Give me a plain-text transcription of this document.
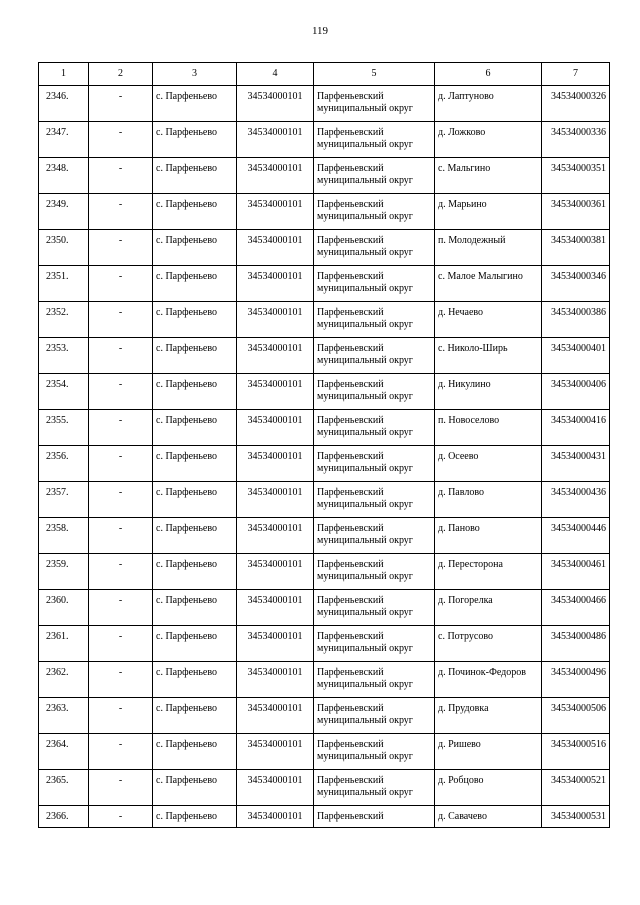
119
1	2	3	4	5	6	7

2346.	-	с. Парфеньево	34534000101	Парфеньевский муниципальный округ	д. Лаптуново	34534000326

2347.	-	с. Парфеньево	34534000101	Парфеньевский муниципальный округ	д. Ложково	34534000336

2348.	-	с. Парфеньево	34534000101	Парфеньевский муниципальный округ	с. Мальгино	34534000351

2349.	-	с. Парфеньево	34534000101	Парфеньевский муниципальный округ	д. Марьино	34534000361

2350.	-	с. Парфеньево	34534000101	Парфеньевский муниципальный округ	п. Молодежный	34534000381

2351.	-	с. Парфеньево	34534000101	Парфеньевский муниципальный округ	с. Малое Малыгино	34534000346

2352.	-	с. Парфеньево	34534000101	Парфеньевский муниципальный округ	д. Нечаево	34534000386

2353.	-	с. Парфеньево	34534000101	Парфеньевский муниципальный округ	с. Николо-Ширь	34534000401

2354.	-	с. Парфеньево	34534000101	Парфеньевский муниципальный округ	д. Никулино	34534000406

2355.	-	с. Парфеньево	34534000101	Парфеньевский муниципальный округ	п. Новоселово	34534000416

2356.	-	с. Парфеньево	34534000101	Парфеньевский муниципальный округ	д. Осеево	34534000431

2357.	-	с. Парфеньево	34534000101	Парфеньевский муниципальный округ	д. Павлово	34534000436

2358.	-	с. Парфеньево	34534000101	Парфеньевский муниципальный округ	д. Паново	34534000446

2359.	-	с. Парфеньево	34534000101	Парфеньевский муниципальный округ	д. Пересторона	34534000461

2360.	-	с. Парфеньево	34534000101	Парфеньевский муниципальный округ	д. Погорелка	34534000466

2361.	-	с. Парфеньево	34534000101	Парфеньевский муниципальный округ	с. Потрусово	34534000486

2362.	-	с. Парфеньево	34534000101	Парфеньевский муниципальный округ	д. Починок-Федоров	34534000496

2363.	-	с. Парфеньево	34534000101	Парфеньевский муниципальный округ	д. Прудовка	34534000506

2364.	-	с. Парфеньево	34534000101	Парфеньевский муниципальный округ	д. Ришево	34534000516

2365.	-	с. Парфеньево	34534000101	Парфеньевский муниципальный округ	д. Робцово	34534000521

2366.	-	с. Парфеньево	34534000101	Парфеньевский	д. Савачево	34534000531
